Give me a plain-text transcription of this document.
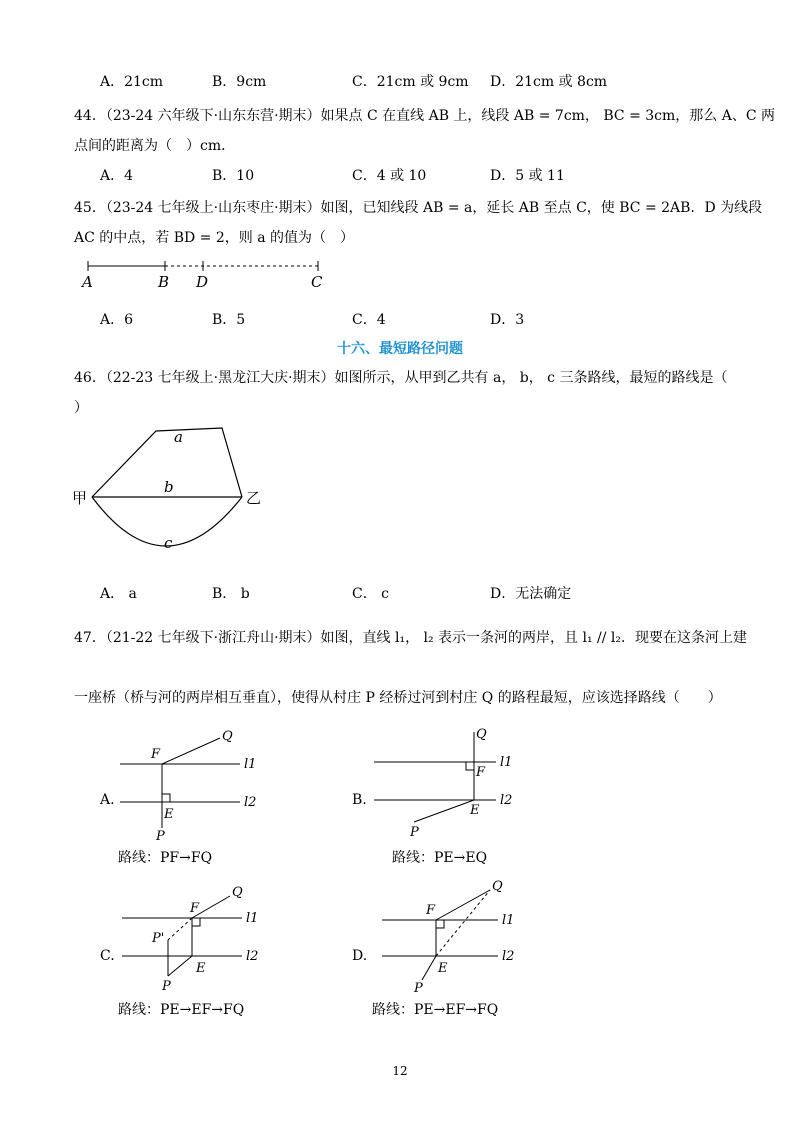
A．21cm	B．9cm	C．21cm 或 9cm D．21cm 或 8cm
44．（23-24 六年级下·山东东营·期末）如果点 C 在直线 AB 上，线段 AB = 7cm， BC = 3cm，那么 A、C 两
点间的距离为（　）cm．
A．4	B．10	C．4 或 10	D．5 或 11
45．（23-24 七年级上·山东枣庄·期末）如图，已知线段 AB = a，延长 AB 至点 C，使 BC = 2AB．D 为线段
AC 的中点，若 BD = 2，则 a 的值为（　）
A	B D	C
A．6	B．5	C．4	D．3
十六、最短路径问题
46．（22-23 七年级上·黑龙江大庆·期末）如图所示，从甲到乙共有 a， b， c 三条路线，最短的路线是（
）
甲	乙
a
b
c
A． a	B． b	C． c	D．无法确定
47．（21-22 七年级下·浙江舟山·期末）如图，直线 l₁， l₂ 表示一条河的两岸，且 l₁ // l₂．现要在这条河上建
一座桥（桥与河的两岸相互垂直），使得从村庄 P 经桥过河到村庄 Q 的路程最短，应该选择路线（　　）
A.
F
Q
E
P
l1
l2
路线：PF→FQ
B.
Q
F
E
P
l1
l2
路线：PE→EQ
C.
Q
F
P'
E
P
l1
l2
路线：PE→EF→FQ
D.
Q
F
E
P
l1
l2
路线：PE→EF→FQ
12
